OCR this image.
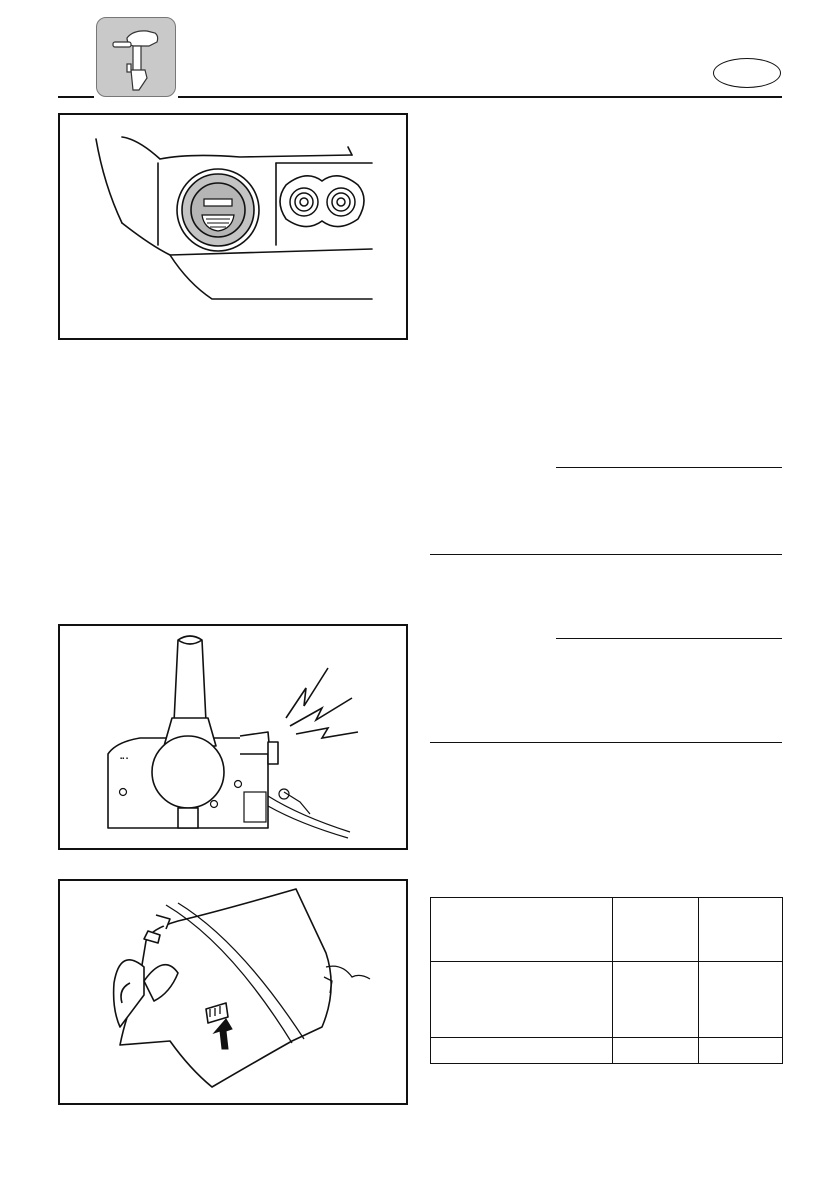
▪▪ ▪
